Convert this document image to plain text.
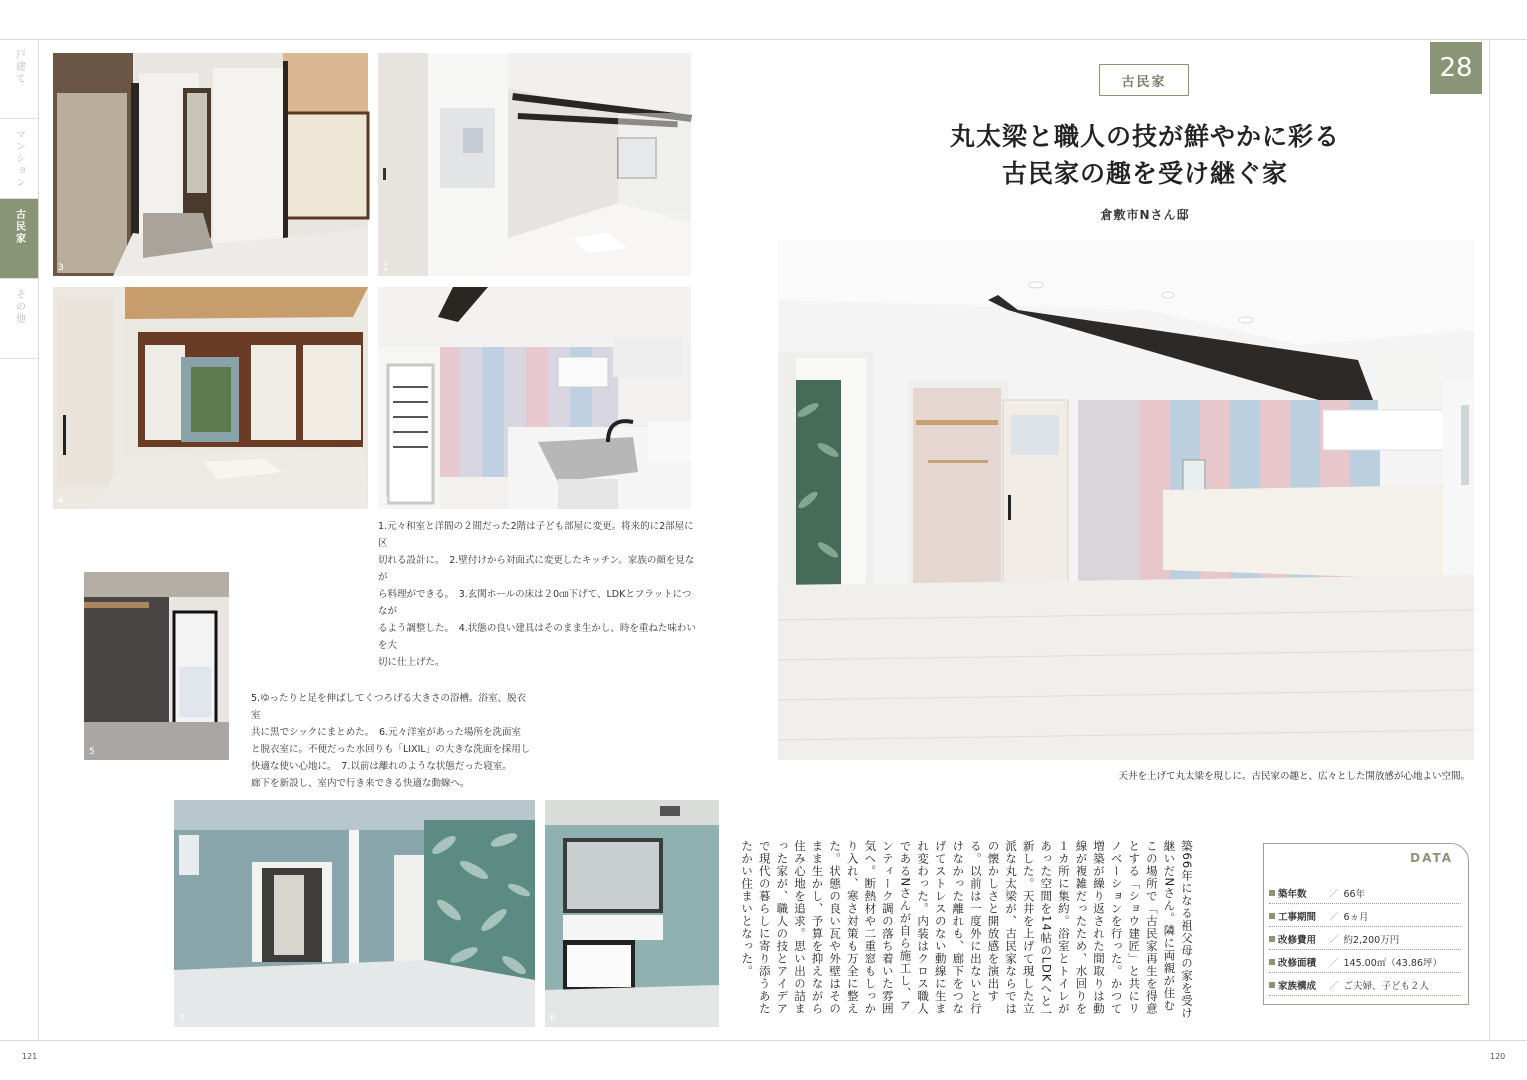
戸建て
マンション
古民家
その他
3	1
4	2
1.元々和室と洋間の２間だった2階は子ども部屋に変更。将来的に2部屋に区
切れる設計に。　2.壁付けから対面式に変更したキッチン。家族の顔を見なが
ら料理ができる。　3.玄関ホールの床は２0㎝下げて、LDKとフラットにつなが
るよう調整した。　4.状態の良い建具はそのまま生かし、時を重ねた味わいを大
切に仕上げた。
5
5.ゆったりと足を伸ばしてくつろげる大きさの浴槽。浴室、脱衣室
共に黒でシックにまとめた。　6.元々洋室があった場所を洗面室
と脱衣室に。不便だった水回りも「LIXIL」の大きな洗面を採用し
快適な使い心地に。　7.以前は離れのような状態だった寝室。
廊下を新設し、室内で行き来できる快適な動線へ。
7	6
古民家	28
丸太梁と職人の技が鮮やかに彩る
古民家の趣を受け継ぐ家
倉敷市Nさん邸
天井を上げて丸太梁を現しに。古民家の趣と、広々とした開放感が心地よい空間。
築66年になる祖父母の家を受け継いだNさん。隣に両親が住むこの場所で「古民家再生を得意とする「ショウ建匠」と共にリノベーションを行った。かつて増築が繰り返された間取りは動線が複雑だったため、水回りを１カ所に集約。浴室とトイレがあった空間を14帖のLDKへと一新した。天井を上げて現した立派な丸太梁が、古民家ならではの懐かしさと開放感を演出する。以前は一度外に出ないと行けなかった離れも、廊下をつなげてストレスのない動線に生まれ変わった。内装はクロス職人であるNさんが自ら施工し、アンティーク調の落ち着いた雰囲気へ。断熱材や二重窓もしっかり入れ、寒さ対策も万全に整えた。状態の良い瓦や外壁はそのまま生かし、予算を抑えながら住み心地を追求。思い出の詰まった家が、職人の技とアイデアで現代の暮らしに寄り添うあたたかい住まいとなった。	DATA
築年数	／ 66年
工事期間	／ 6ヵ月
改修費用	／ 約2,200万円
改修面積	／ 145.00㎡（43.86坪）
家族構成	／ ご夫婦、子ども２人
121	120
